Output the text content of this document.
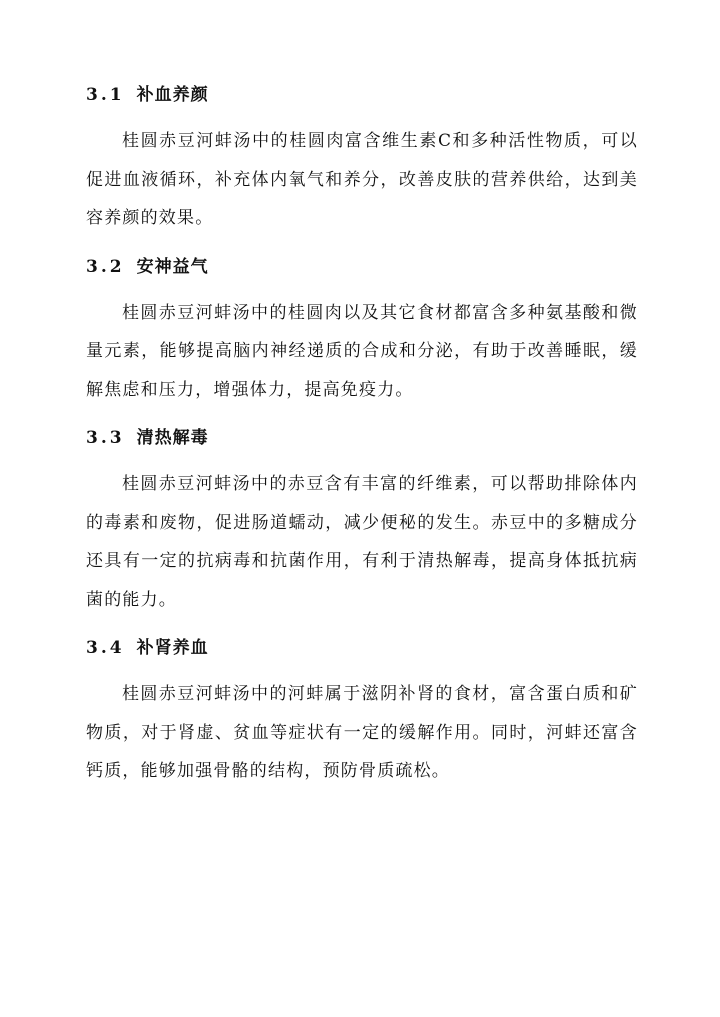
3.1 补血养颜

桂圆赤豆河蚌汤中的桂圆肉富含维生素C和多种活性物质，可以促进血液循环，补充体内氧气和养分，改善皮肤的营养供给，达到美容养颜的效果。

3.2 安神益气

桂圆赤豆河蚌汤中的桂圆肉以及其它食材都富含多种氨基酸和微量元素，能够提高脑内神经递质的合成和分泌，有助于改善睡眠，缓解焦虑和压力，增强体力，提高免疫力。

3.3 清热解毒

桂圆赤豆河蚌汤中的赤豆含有丰富的纤维素，可以帮助排除体内的毒素和废物，促进肠道蠕动，减少便秘的发生。赤豆中的多糖成分还具有一定的抗病毒和抗菌作用，有利于清热解毒，提高身体抵抗病菌的能力。

3.4 补肾养血

桂圆赤豆河蚌汤中的河蚌属于滋阴补肾的食材，富含蛋白质和矿物质，对于肾虚、贫血等症状有一定的缓解作用。同时，河蚌还富含钙质，能够加强骨骼的结构，预防骨质疏松。
